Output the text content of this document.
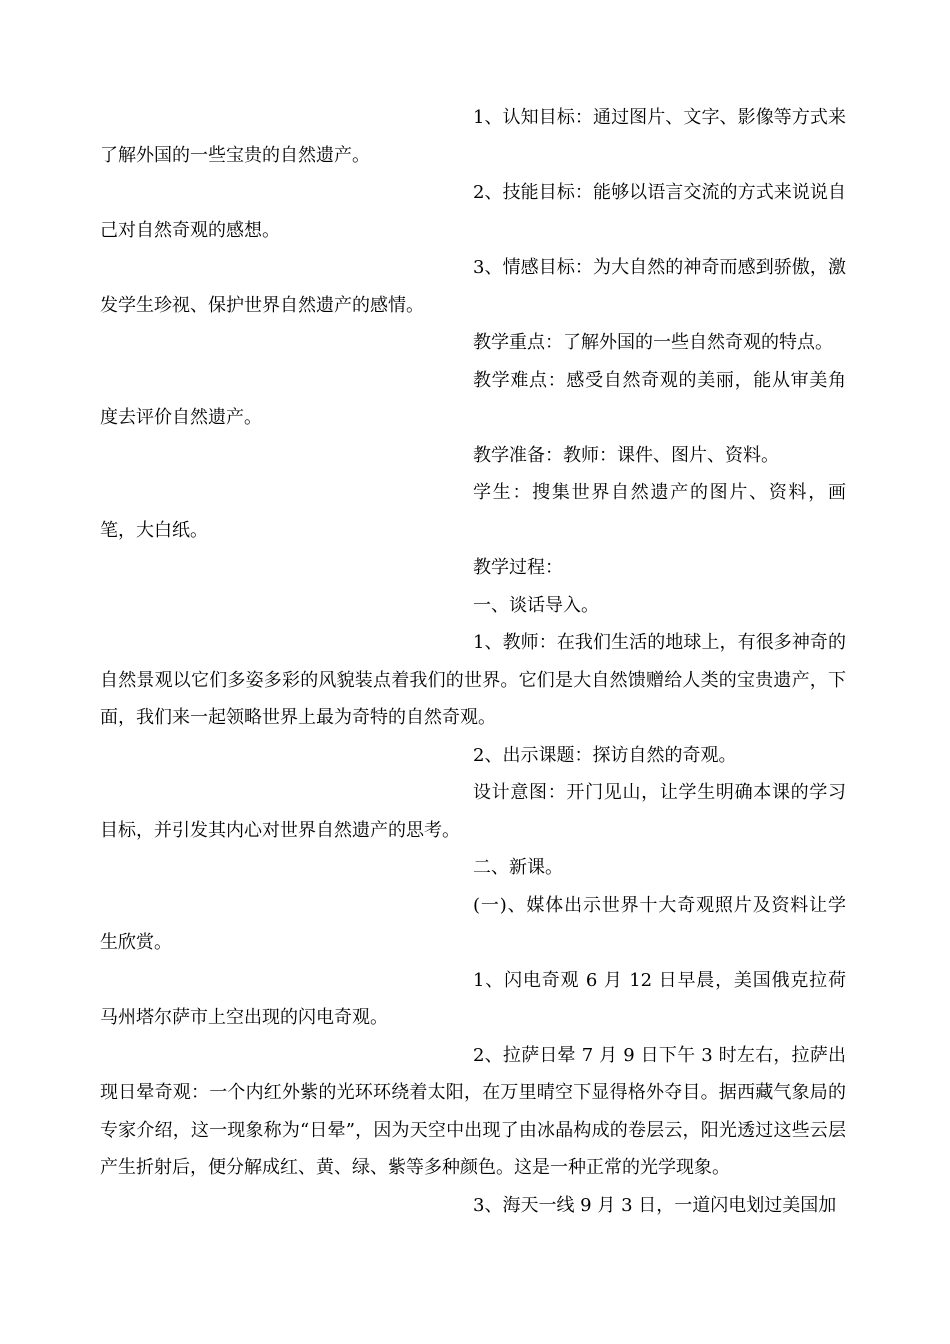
1、认知目标：通过图片、文字、影像等方式来了解外国的一些宝贵的自然遗产。

2、技能目标：能够以语言交流的方式来说说自己对自然奇观的感想。

3、情感目标：为大自然的神奇而感到骄傲，激发学生珍视、保护世界自然遗产的感情。

教学重点：了解外国的一些自然奇观的特点。

教学难点：感受自然奇观的美丽，能从审美角度去评价自然遗产。

教学准备：教师：课件、图片、资料。

学生：搜集世界自然遗产的图片、资料，画笔，大白纸。

教学过程：

一、谈话导入。

1、教师：在我们生活的地球上，有很多神奇的自然景观以它们多姿多彩的风貌装点着我们的世界。它们是大自然馈赠给人类的宝贵遗产，下面，我们来一起领略世界上最为奇特的自然奇观。

2、出示课题：探访自然的奇观。

设计意图：开门见山，让学生明确本课的学习目标，并引发其内心对世界自然遗产的思考。

二、新课。

(一)、媒体出示世界十大奇观照片及资料让学生欣赏。

1、闪电奇观 6 月 12 日早晨，美国俄克拉荷马州塔尔萨市上空出现的闪电奇观。

2、拉萨日晕 7 月 9 日下午 3 时左右，拉萨出现日晕奇观：一个内红外紫的光环环绕着太阳，在万里晴空下显得格外夺目。据西藏气象局的专家介绍，这一现象称为“日晕”，因为天空中出现了由冰晶构成的卷层云，阳光透过这些云层产生折射后，便分解成红、黄、绿、紫等多种颜色。这是一种正常的光学现象。

3、海天一线 9 月 3 日，一道闪电划过美国加
